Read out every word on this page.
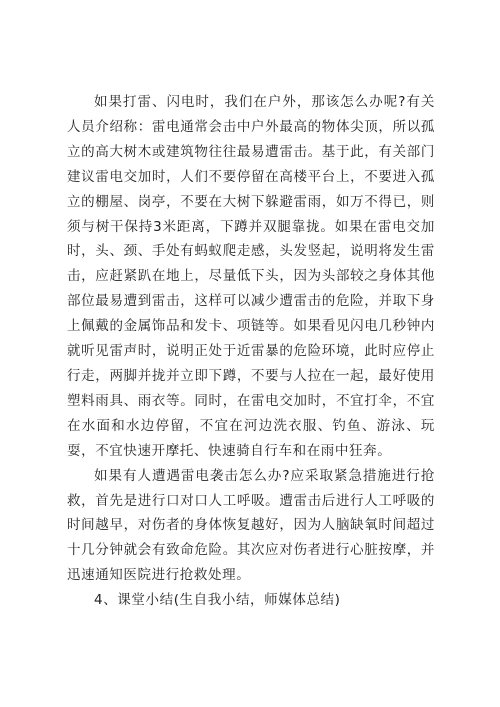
如果打雷、闪电时，我们在户外，那该怎么办呢?有关人员介绍称：雷电通常会击中户外最高的物体尖顶，所以孤立的高大树木或建筑物往往最易遭雷击。基于此，有关部门建议雷电交加时，人们不要停留在高楼平台上，不要进入孤立的棚屋、岗亭，不要在大树下躲避雷雨，如万不得已，则须与树干保持3米距离，下蹲并双腿靠拢。如果在雷电交加时，头、颈、手处有蚂蚁爬走感，头发竖起，说明将发生雷击，应赶紧趴在地上，尽量低下头，因为头部较之身体其他部位最易遭到雷击，这样可以减少遭雷击的危险，并取下身上佩戴的金属饰品和发卡、项链等。如果看见闪电几秒钟内就听见雷声时，说明正处于近雷暴的危险环境，此时应停止行走，两脚并拢并立即下蹲，不要与人拉在一起，最好使用塑料雨具、雨衣等。同时，在雷电交加时，不宜打伞，不宜在水面和水边停留，不宜在河边洗衣服、钓鱼、游泳、玩耍，不宜快速开摩托、快速骑自行车和在雨中狂奔。

如果有人遭遇雷电袭击怎么办?应采取紧急措施进行抢救，首先是进行口对口人工呼吸。遭雷击后进行人工呼吸的时间越早，对伤者的身体恢复越好，因为人脑缺氧时间超过十几分钟就会有致命危险。其次应对伤者进行心脏按摩，并迅速通知医院进行抢救处理。

4、课堂小结(生自我小结，师媒体总结)
